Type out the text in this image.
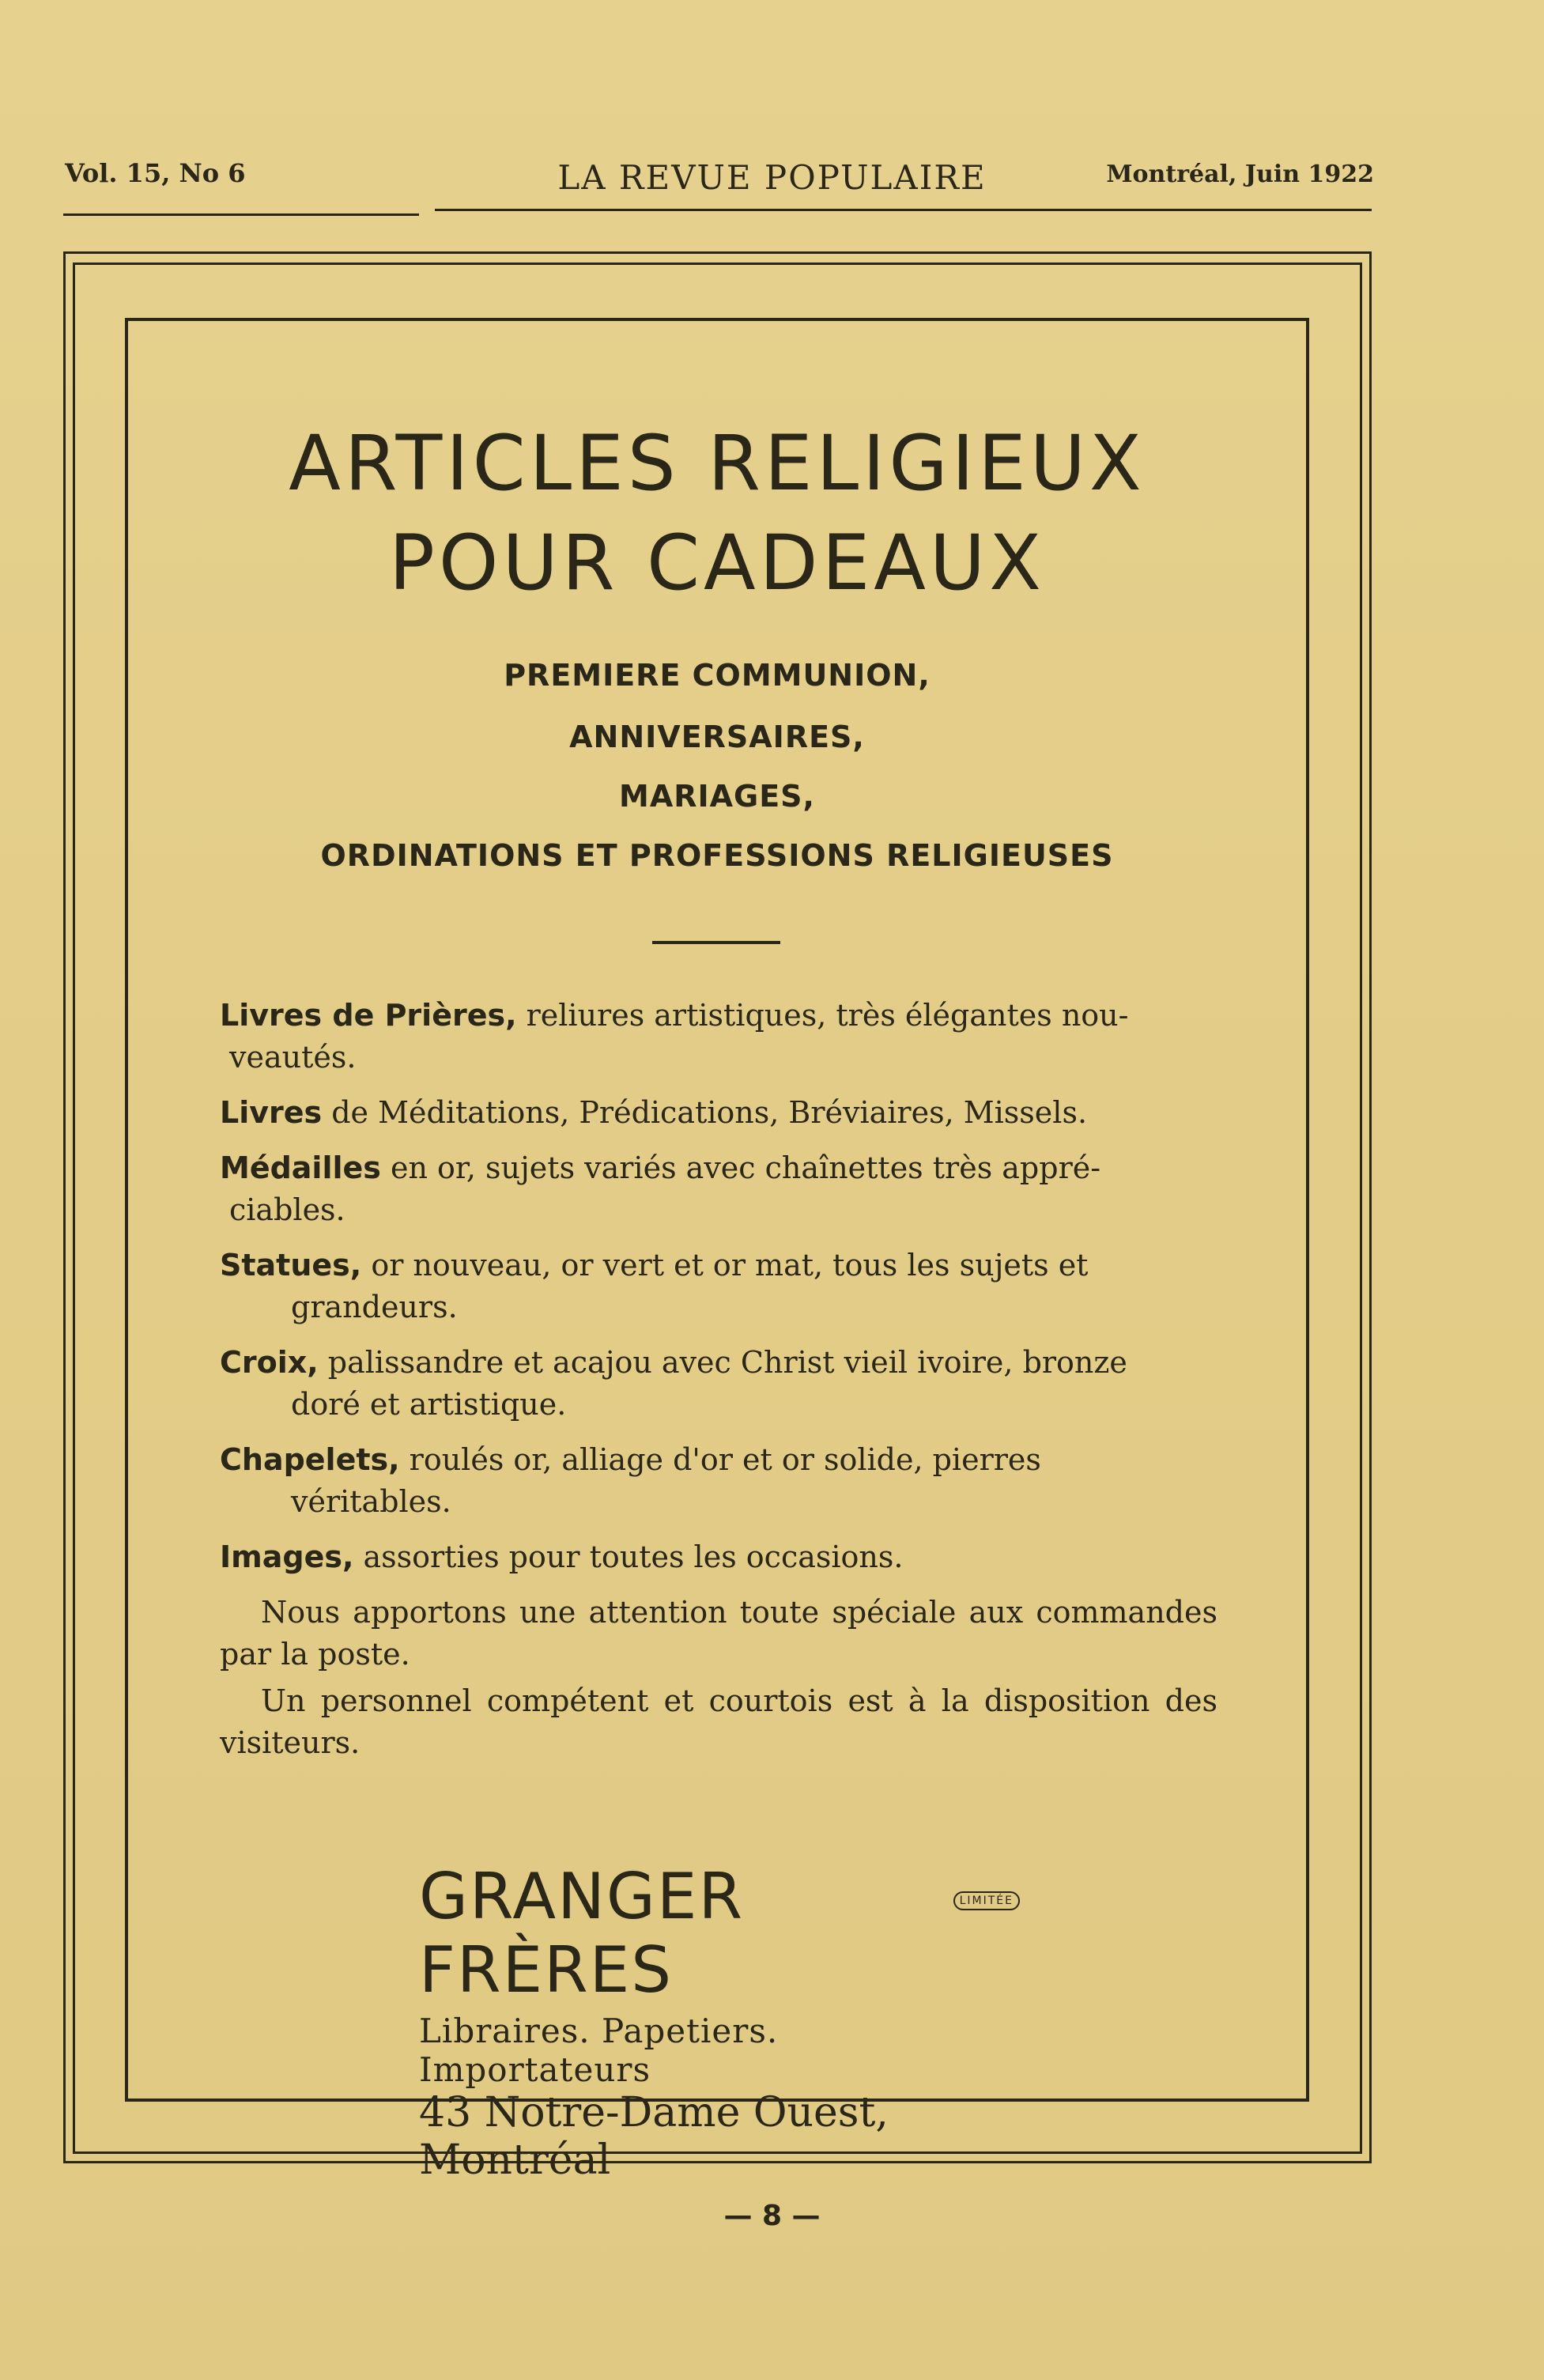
LA REVUE POPULAIRE
Vol. 15, No 6	Montréal, Juin 1922
ARTICLES RELIGIEUX
POUR CADEAUX
PREMIERE COMMUNION,
ANNIVERSAIRES,
MARIAGES,
ORDINATIONS ET PROFESSIONS RELIGIEUSES
Livres de Prières, reliures artistiques, très élégantes nou-
veautés.
Livres de Méditations, Prédications, Bréviaires, Missels.
Médailles en or, sujets variés avec chaînettes très appré-
ciables.
Statues, or nouveau, or vert et or mat, tous les sujets et
grandeurs.
Croix, palissandre et acajou avec Christ vieil ivoire, bronze
doré et artistique.
Chapelets, roulés or, alliage d'or et or solide, pierres
véritables.
Images, assorties pour toutes les occasions.
Nous apportons une attention toute spéciale aux commandes par la poste.
Un personnel compétent et courtois est à la disposition des visiteurs.
GRANGER FRÈRES
LIMITÉE
Libraires. Papetiers. Importateurs
43 Notre-Dame Ouest, Montréal
— 8 —
